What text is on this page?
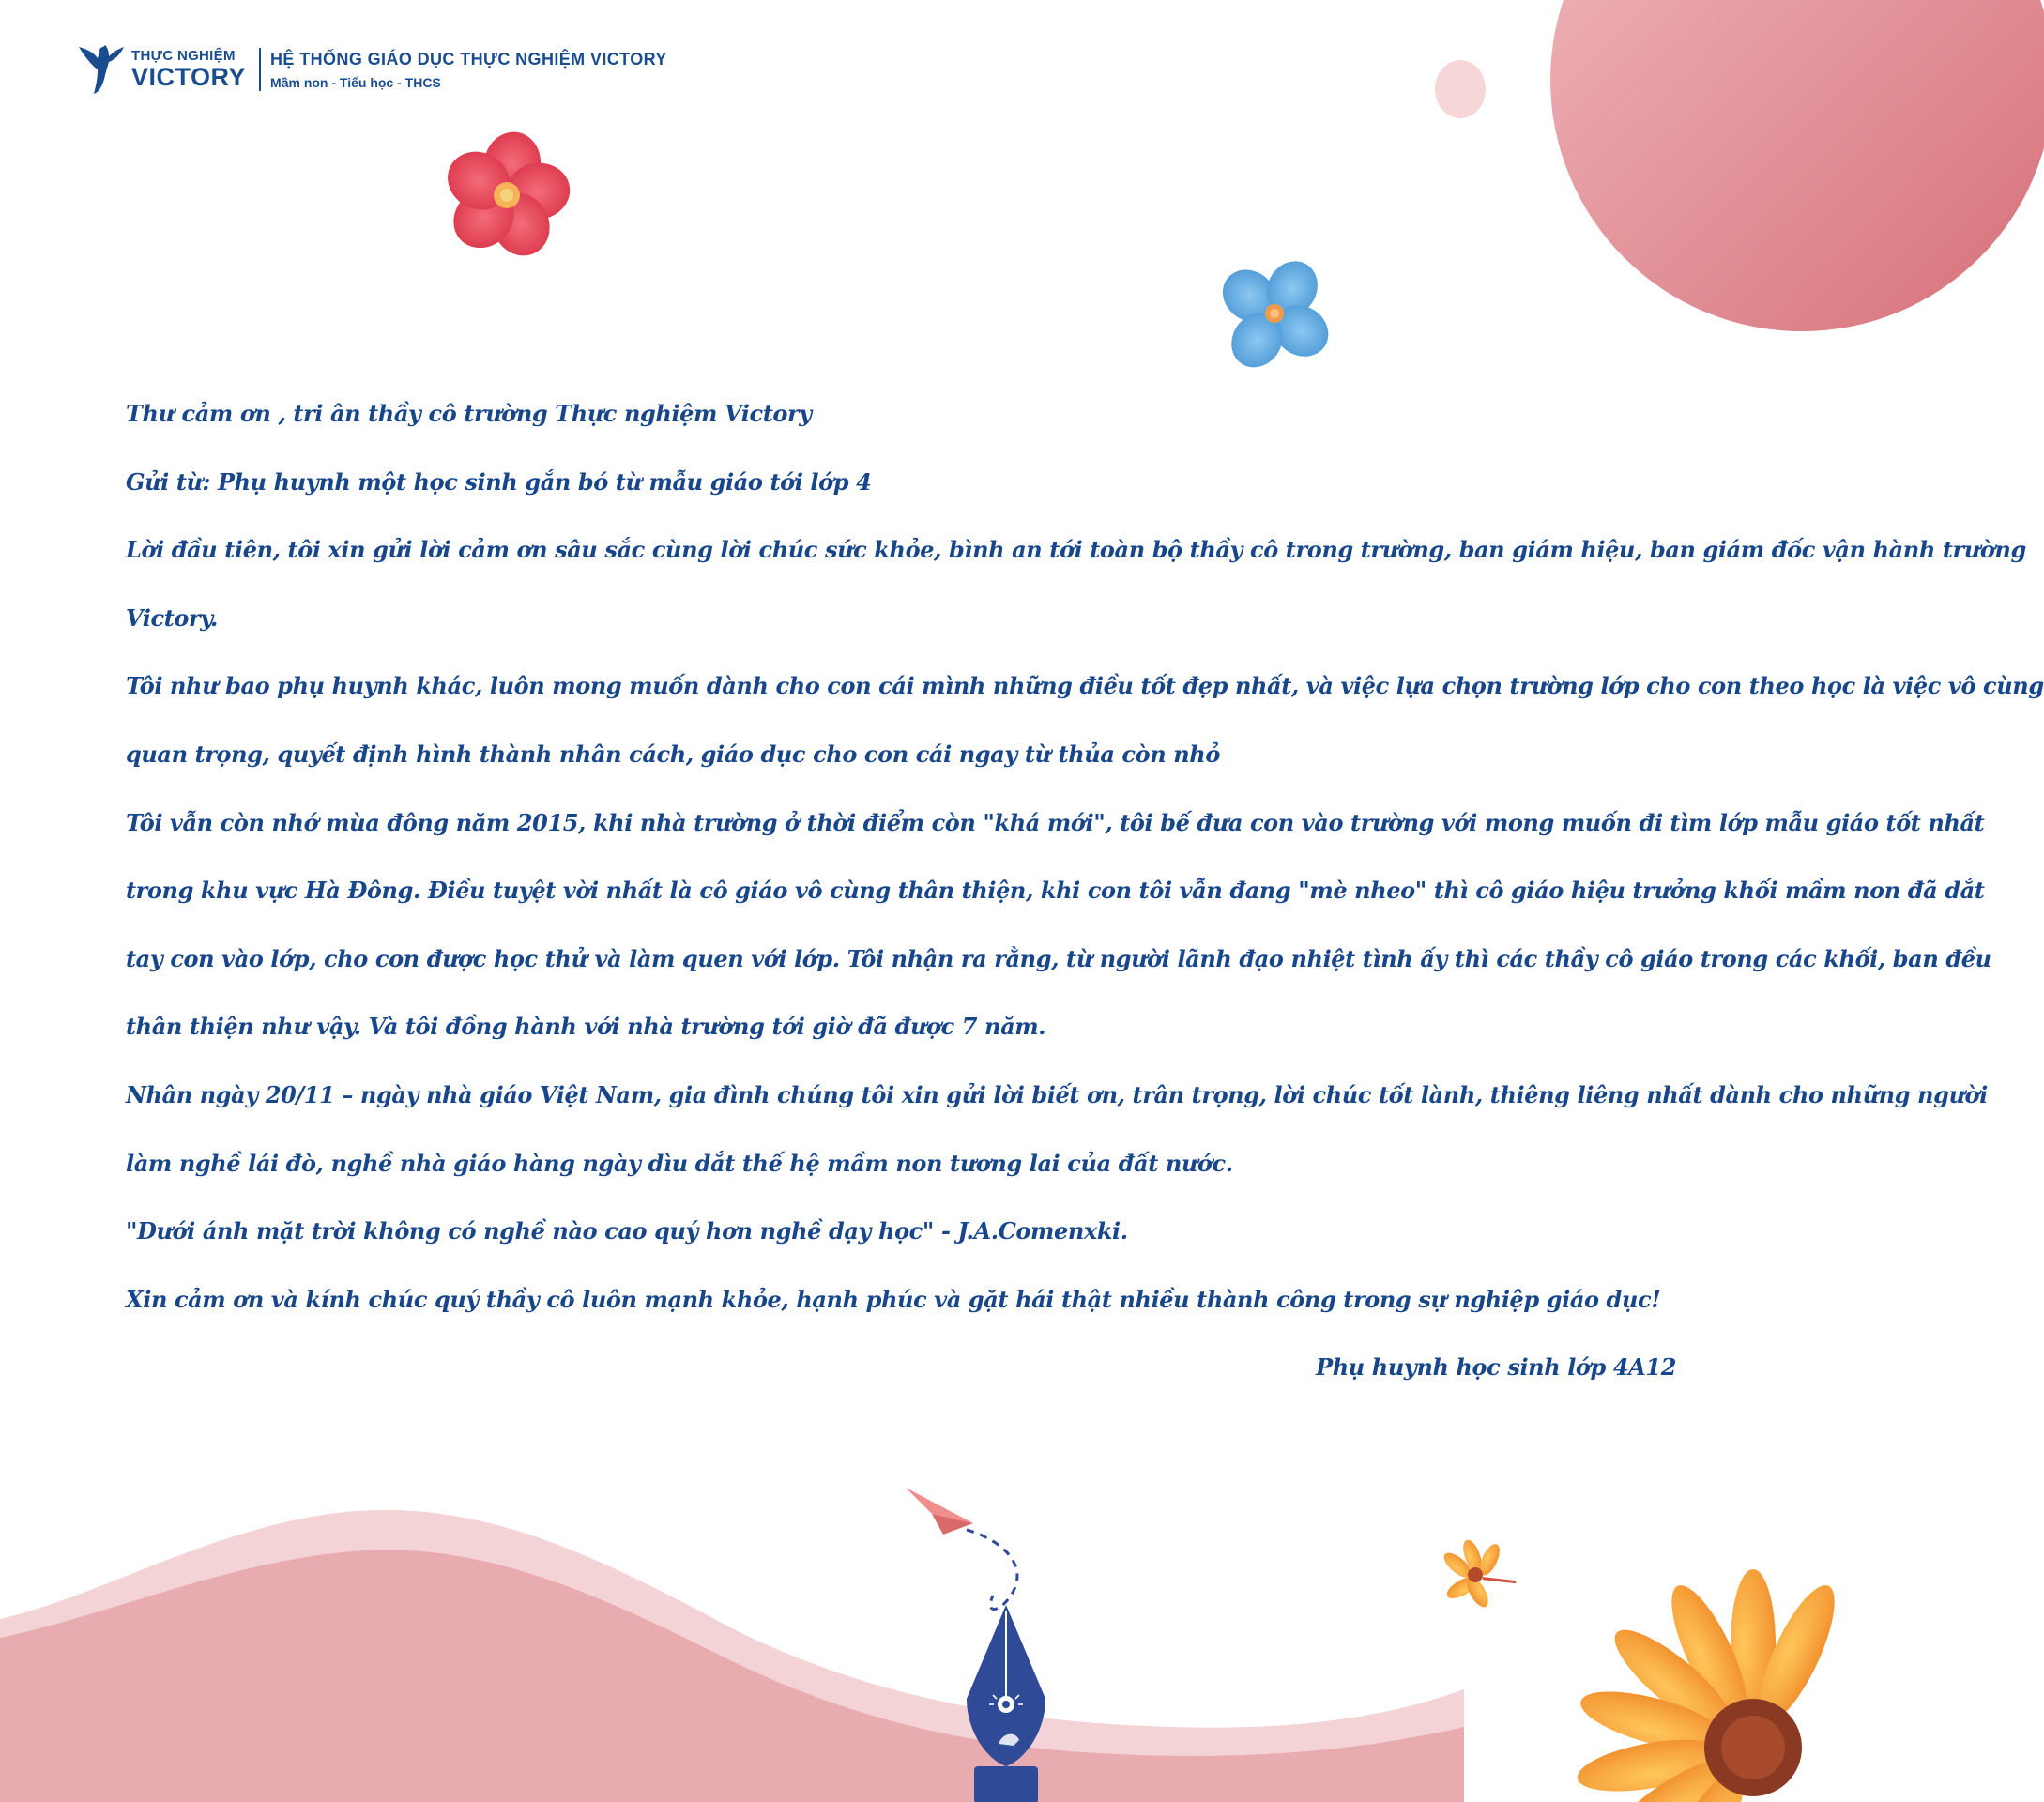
THỰC NGHIỆM
VICTORY
HỆ THỐNG GIÁO DỤC THỰC NGHIỆM VICTORY
Mầm non - Tiểu học - THCS
Thư cảm ơn , tri ân thầy cô trường Thực nghiệm Victory
Gửi từ: Phụ huynh một học sinh gắn bó từ mẫu giáo tới lớp 4
Lời đầu tiên, tôi xin gửi lời cảm ơn sâu sắc cùng lời chúc sức khỏe, bình an tới toàn bộ thầy cô trong trường, ban giám hiệu, ban giám đốc vận hành trường
Victory.
Tôi như bao phụ huynh khác, luôn mong muốn dành cho con cái mình những điều tốt đẹp nhất, và việc lựa chọn trường lớp cho con theo học là việc vô cùng
quan trọng, quyết định hình thành nhân cách, giáo dục cho con cái ngay từ thủa còn nhỏ
Tôi vẫn còn nhớ mùa đông năm 2015, khi nhà trường ở thời điểm còn "khá mới", tôi bế đưa con vào trường với mong muốn đi tìm lớp mẫu giáo tốt nhất
trong khu vực Hà Đông. Điều tuyệt vời nhất là cô giáo vô cùng thân thiện, khi con tôi vẫn đang "mè nheo" thì cô giáo hiệu trưởng khối mầm non đã dắt
tay con vào lớp, cho con được học thử và làm quen với lớp. Tôi nhận ra rằng, từ người lãnh đạo nhiệt tình ấy thì các thầy cô giáo trong các khối, ban đều
thân thiện như vậy. Và tôi đồng hành với nhà trường tới giờ đã được 7 năm.
Nhân ngày 20/11 – ngày nhà giáo Việt Nam, gia đình chúng tôi xin gửi lời biết ơn, trân trọng, lời chúc tốt lành, thiêng liêng nhất dành cho những người
làm nghề lái đò, nghề nhà giáo hàng ngày dìu dắt thế hệ mầm non tương lai của đất nước.
"Dưới ánh mặt trời không có nghề nào cao quý hơn nghề dạy học" - J.A.Comenxki.
Xin cảm ơn và kính chúc quý thầy cô luôn mạnh khỏe, hạnh phúc và gặt hái thật nhiều thành công trong sự nghiệp giáo dục!
Phụ huynh học sinh lớp 4A12
